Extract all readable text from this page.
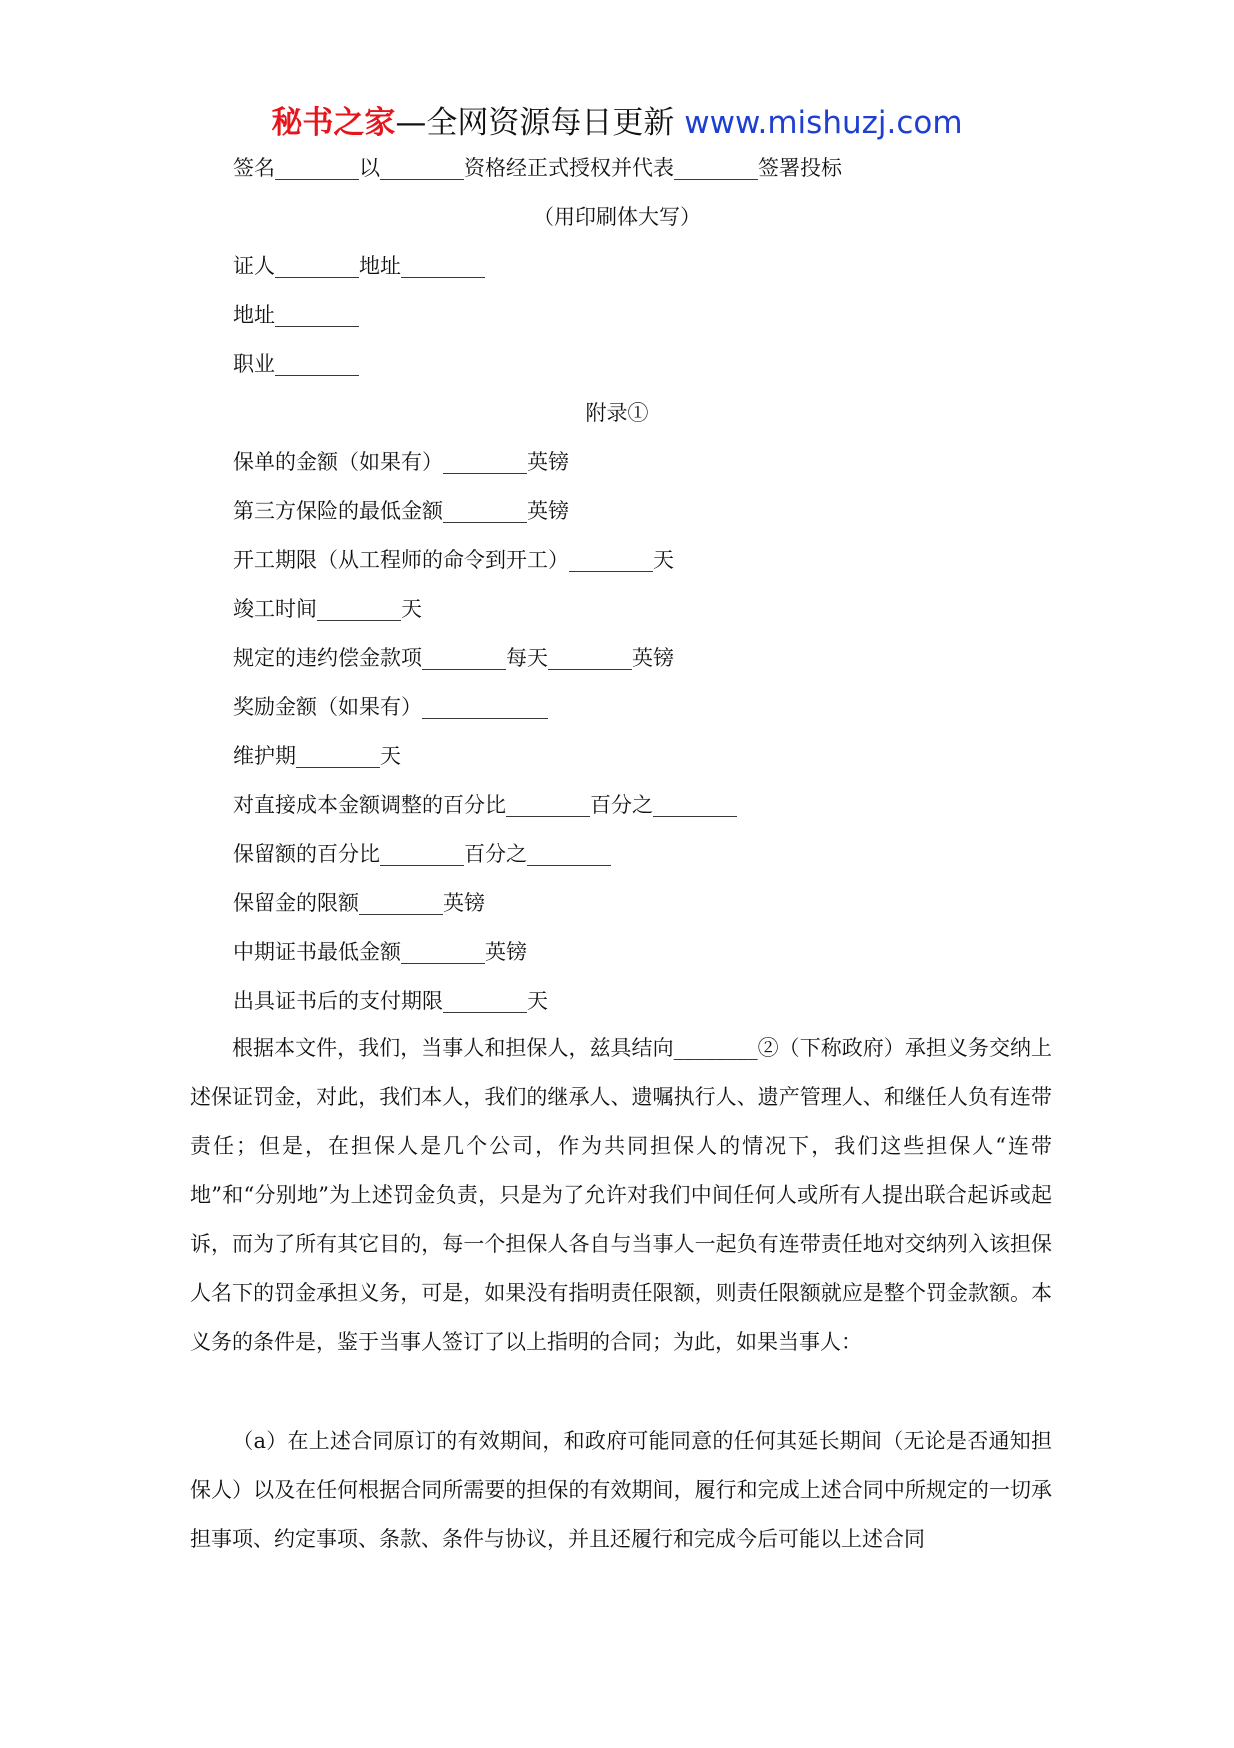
秘书之家—全网资源每日更新 www.mishuzj.com
签名________以________资格经正式授权并代表________签署投标
（用印刷体大写）
证人________地址________
地址________
职业________
附录①
保单的金额（如果有）________英镑
第三方保险的最低金额________英镑
开工期限（从工程师的命令到开工）________天
竣工时间________天
规定的违约偿金款项________每天________英镑
奖励金额（如果有）____________
维护期________天
对直接成本金额调整的百分比________百分之________
保留额的百分比________百分之________
保留金的限额________英镑
中期证书最低金额________英镑
出具证书后的支付期限________天
根据本文件，我们，当事人和担保人，兹具结向________②（下称政府）承担义务交纳上述保证罚金，对此，我们本人，我们的继承人、遗嘱执行人、遗产管理人、和继任人负有连带责任；但是，在担保人是几个公司，作为共同担保人的情况下，我们这些担保人“连带地”和“分别地”为上述罚金负责，只是为了允许对我们中间任何人或所有人提出联合起诉或起诉，而为了所有其它目的，每一个担保人各自与当事人一起负有连带责任地对交纳列入该担保人名下的罚金承担义务，可是，如果没有指明责任限额，则责任限额就应是整个罚金款额。本义务的条件是，鉴于当事人签订了以上指明的合同；为此，如果当事人：
（a）在上述合同原订的有效期间，和政府可能同意的任何其延长期间（无论是否通知担保人）以及在任何根据合同所需要的担保的有效期间，履行和完成上述合同中所规定的一切承担事项、约定事项、条款、条件与协议，并且还履行和完成今后可能以上述合同
